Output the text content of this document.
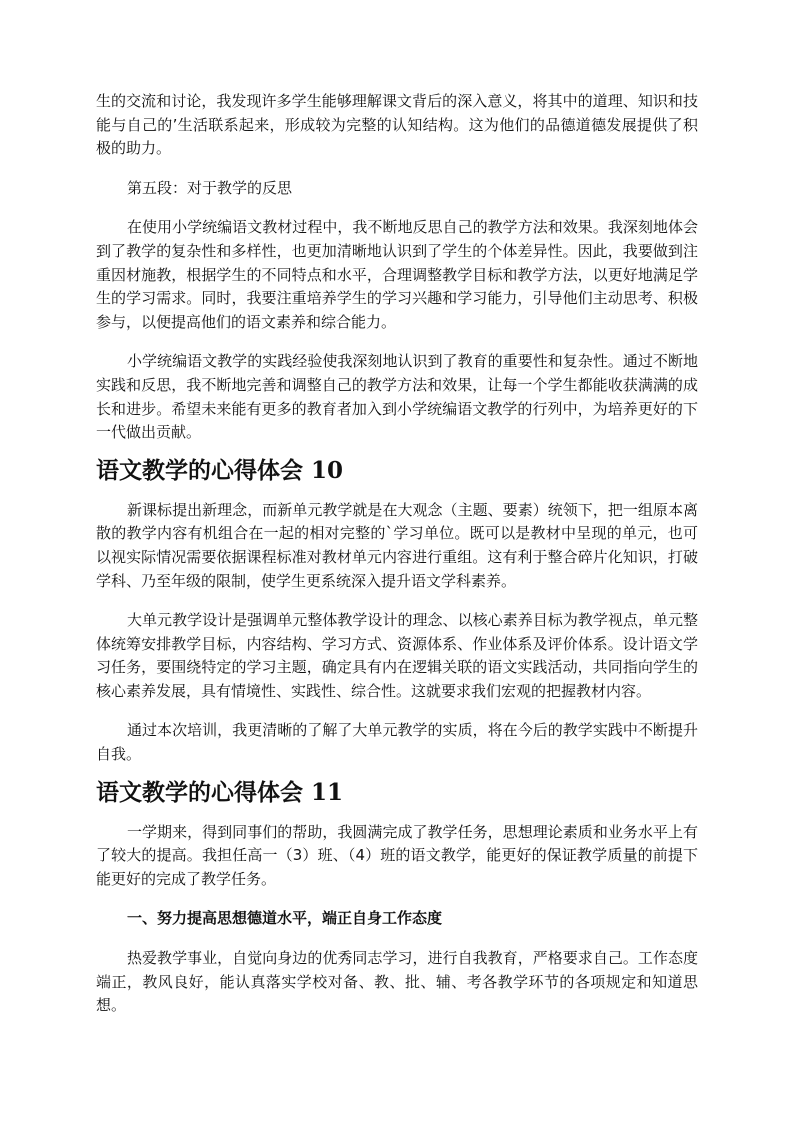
生的交流和讨论，我发现许多学生能够理解课文背后的深入意义，将其中的道理、知识和技能与自己的’生活联系起来，形成较为完整的认知结构。这为他们的品德道德发展提供了积极的助力。

第五段：对于教学的反思

在使用小学统编语文教材过程中，我不断地反思自己的教学方法和效果。我深刻地体会到了教学的复杂性和多样性，也更加清晰地认识到了学生的个体差异性。因此，我要做到注重因材施教，根据学生的不同特点和水平，合理调整教学目标和教学方法，以更好地满足学生的学习需求。同时，我要注重培养学生的学习兴趣和学习能力，引导他们主动思考、积极参与，以便提高他们的语文素养和综合能力。

小学统编语文教学的实践经验使我深刻地认识到了教育的重要性和复杂性。通过不断地实践和反思，我不断地完善和调整自己的教学方法和效果，让每一个学生都能收获满满的成长和进步。希望未来能有更多的教育者加入到小学统编语文教学的行列中，为培养更好的下一代做出贡献。

语文教学的心得体会 10

新课标提出新理念，而新单元教学就是在大观念（主题、要素）统领下，把一组原本离散的教学内容有机组合在一起的相对完整的`学习单位。既可以是教材中呈现的单元，也可以视实际情况需要依据课程标准对教材单元内容进行重组。这有利于整合碎片化知识，打破学科、乃至年级的限制，使学生更系统深入提升语文学科素养。

大单元教学设计是强调单元整体教学设计的理念、以核心素养目标为教学视点，单元整体统筹安排教学目标，内容结构、学习方式、资源体系、作业体系及评价体系。设计语文学习任务，要围绕特定的学习主题，确定具有内在逻辑关联的语文实践活动，共同指向学生的核心素养发展，具有情境性、实践性、综合性。这就要求我们宏观的把握教材内容。

通过本次培训，我更清晰的了解了大单元教学的实质，将在今后的教学实践中不断提升自我。

语文教学的心得体会 11

一学期来，得到同事们的帮助，我圆满完成了教学任务，思想理论素质和业务水平上有了较大的提高。我担任高一（3）班、（4）班的语文教学，能更好的保证教学质量的前提下能更好的完成了教学任务。

一、努力提高思想德道水平，端正自身工作态度

热爱教学事业，自觉向身边的优秀同志学习，进行自我教育，严格要求自己。工作态度端正，教风良好，能认真落实学校对备、教、批、辅、考各教学环节的各项规定和知道思想。
